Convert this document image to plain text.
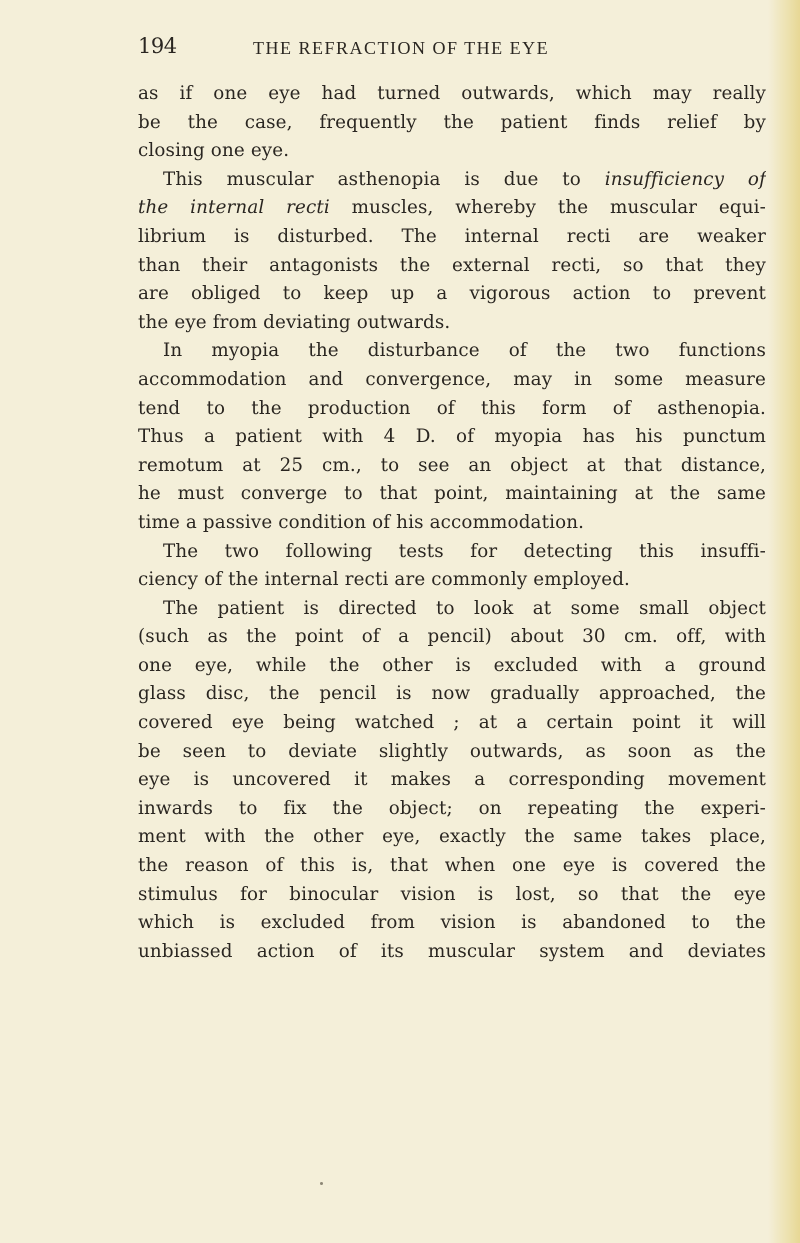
194	THE REFRACTION OF THE EYE
as if one eye had turned outwards, which may really
be the case, frequently the patient finds relief by
closing one eye.
This muscular asthenopia is due to insufficiency of
the internal recti muscles, whereby the muscular equi-
librium is disturbed. The internal recti are weaker
than their antagonists the external recti, so that they
are obliged to keep up a vigorous action to prevent
the eye from deviating outwards.
In myopia the disturbance of the two functions
accommodation and convergence, may in some measure
tend to the production of this form of asthenopia.
Thus a patient with 4 D. of myopia has his punctum
remotum at 25 cm., to see an object at that distance,
he must converge to that point, maintaining at the same
time a passive condition of his accommodation.
The two following tests for detecting this insuffi-
ciency of the internal recti are commonly employed.
The patient is directed to look at some small object
(such as the point of a pencil) about 30 cm. off, with
one eye, while the other is excluded with a ground
glass disc, the pencil is now gradually approached, the
covered eye being watched ; at a certain point it will
be seen to deviate slightly outwards, as soon as the
eye is uncovered it makes a corresponding movement
inwards to fix the object; on repeating the experi-
ment with the other eye, exactly the same takes place,
the reason of this is, that when one eye is covered the
stimulus for binocular vision is lost, so that the eye
which is excluded from vision is abandoned to the
unbiassed action of its muscular system and deviates
